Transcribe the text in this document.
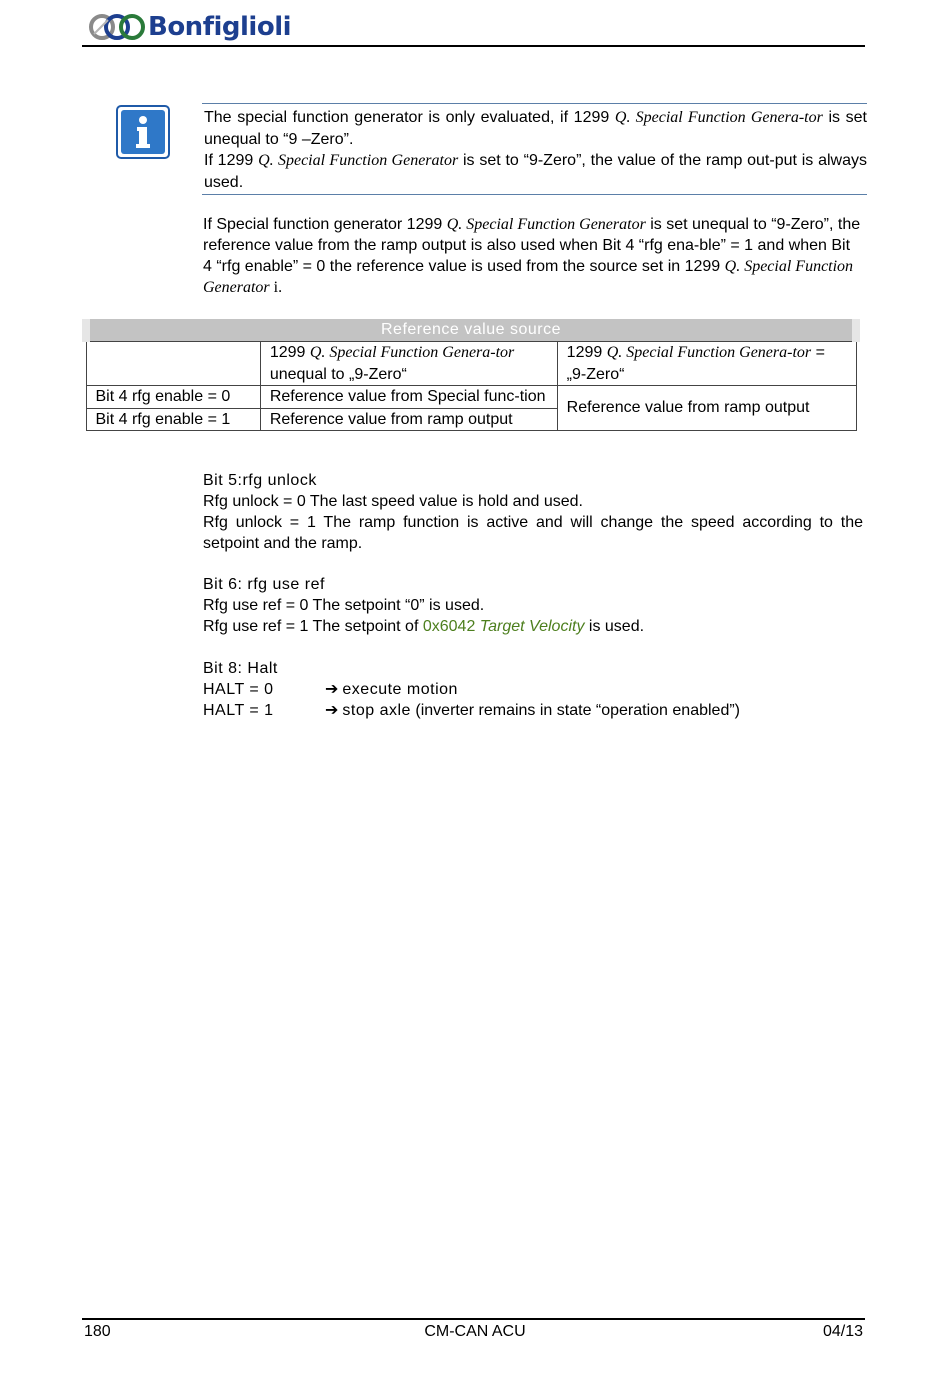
Bonfiglioli
The special function generator is only evaluated, if 1299 Q. Special Function Genera-tor is set unequal to “9 –Zero”.
If 1299 Q. Special Function Generator is set to “9-Zero”, the value of the ramp out-put is always used.
If Special function generator 1299 Q. Special Function Generator is set unequal to “9-Zero”, the reference value from the ramp output is also used when Bit 4 “rfg ena-ble” = 1 and when Bit 4 “rfg enable” = 0 the reference value is used from the source set in 1299 Q. Special Function Generator i.
Reference value source		
	1299 Q. Special Function Genera-tor unequal to „9-Zero“	1299 Q. Special Function Genera-tor = „9-Zero“
Bit 4 rfg enable = 0	Reference value from Special func-tion	Reference value from ramp output
Bit 4 rfg enable = 1	Reference value from ramp output	
Bit 5:rfg unlock
Rfg unlock = 0 The last speed value is hold and used.
Rfg unlock = 1 The ramp function is active and will change the speed according to the setpoint and the ramp.
Bit 6: rfg use ref
Rfg use ref = 0 The setpoint “0” is used.
Rfg use ref = 1 The setpoint of 0x6042 Target Velocity is used.
Bit 8: Halt
HALT = 0	➔ execute motion
HALT = 1	➔ stop axle (inverter remains in state “operation enabled”)
180	CM-CAN ACU	04/13
